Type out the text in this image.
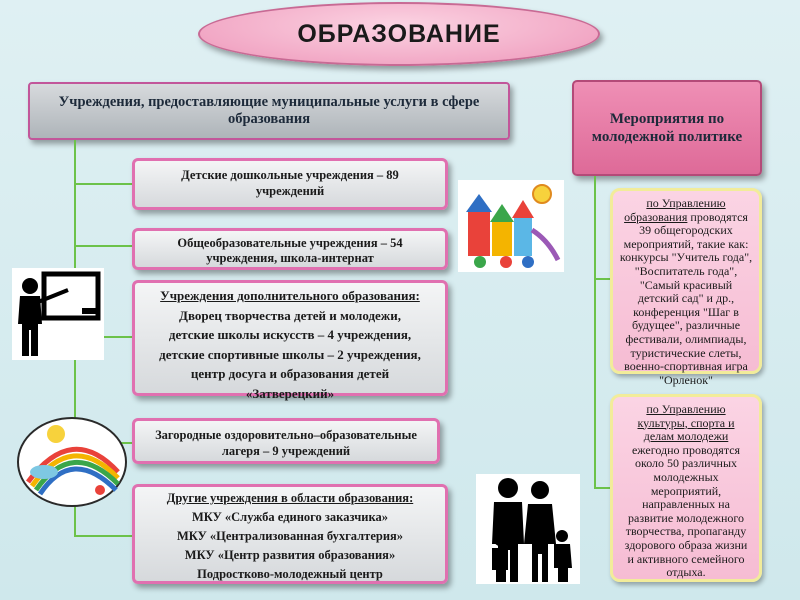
ОБРАЗОВАНИЕ
Учреждения, предоставляющие муниципальные услуги в сфере образования	Мероприятия по молодежной политике
Детские дошкольные учреждения – 89
учреждений
Общеобразовательные учреждения – 54
учреждения, школа-интернат
Учреждения дополнительного образования:
Дворец творчества детей и молодежи,
детские школы искусств – 4 учреждения,
детские спортивные школы – 2 учреждения,
центр досуга и образования детей
«Затверецкий»
Загородные оздоровительно–образовательные
лагеря – 9 учреждений
Другие учреждения в области образования:
МКУ «Служба единого заказчика»
МКУ «Централизованная бухгалтерия»
МКУ «Центр развития образования»
Подростково-молодежный центр
по Управлению
образования проводятся
39 общегородских
мероприятий, такие как:
конкурсы "Учитель года",
"Воспитатель года",
"Самый красивый
детский сад" и др.,
конференция "Шаг в
будущее", различные
фестивали, олимпиады,
туристические слеты,
военно-спортивная игра
"Орленок"
по Управлению
культуры, спорта и
делам молодежи
ежегодно проводятся
около 50 различных
молодежных
мероприятий,
направленных на
развитие молодежного
творчества, пропаганду
здорового образа жизни
и активного семейного
отдыха.
